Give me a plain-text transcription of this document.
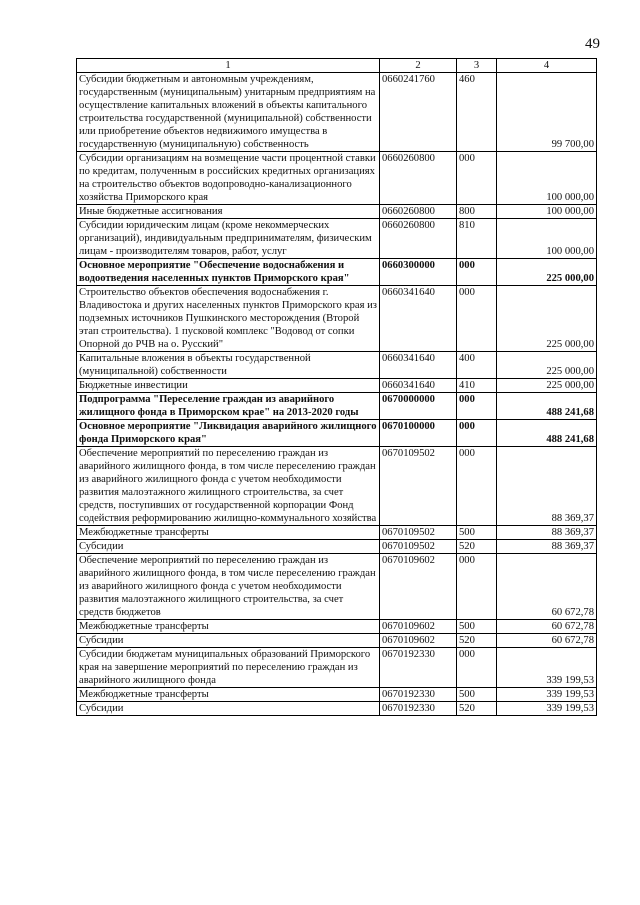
49
1	2	3	4
Субсидии бюджетным и автономным учреждениям, государственным (муниципальным) унитарным предприятиям на осуществление капитальных вложений в объекты капитального строительства государственной (муниципальной) собственности или приобретение объектов недвижимого имущества в государственную (муниципальную) собственность	0660241760	460	99 700,00
Субсидии организациям на возмещение части процентной ставки по кредитам, полученным в российских кредитных организациях на строительство объектов водопроводно-канализационного хозяйства Приморского края	0660260800	000	100 000,00
Иные бюджетные ассигнования	0660260800	800	100 000,00
Субсидии юридическим лицам (кроме некоммерческих организаций), индивидуальным предпринимателям, физическим лицам - производителям товаров, работ, услуг	0660260800	810	100 000,00
Основное мероприятие "Обеспечение водоснабжения и водоотведения населенных пунктов Приморского края"	0660300000	000	225 000,00
Строительство объектов обеспечения водоснабжения г. Владивостока и других населенных пунктов Приморского края из подземных источников Пушкинского месторождения (Второй этап строительства). 1 пусковой комплекс "Водовод от сопки Опорной до РЧВ на о. Русский"	0660341640	000	225 000,00
Капитальные вложения в объекты государственной (муниципальной) собственности	0660341640	400	225 000,00
Бюджетные инвестиции	0660341640	410	225 000,00
Подпрограмма "Переселение граждан из аварийного жилищного фонда в Приморском крае" на 2013-2020 годы	0670000000	000	488 241,68
Основное мероприятие "Ликвидация аварийного жилищного фонда Приморского края"	0670100000	000	488 241,68
Обеспечение мероприятий по переселению граждан из аварийного жилищного фонда, в том числе переселению граждан из аварийного жилищного фонда с учетом необходимости развития малоэтажного жилищного строительства, за счет средств, поступивших от государственной корпорации Фонд содействия реформированию жилищно-коммунального хозяйства	0670109502	000	88 369,37
Межбюджетные трансферты	0670109502	500	88 369,37
Субсидии	0670109502	520	88 369,37
Обеспечение мероприятий по переселению граждан из аварийного жилищного фонда, в том числе переселению граждан из аварийного жилищного фонда с учетом необходимости развития малоэтажного жилищного строительства, за счет средств бюджетов	0670109602	000	60 672,78
Межбюджетные трансферты	0670109602	500	60 672,78
Субсидии	0670109602	520	60 672,78
Субсидии бюджетам муниципальных образований Приморского края на завершение мероприятий по переселению граждан из аварийного жилищного фонда	0670192330	000	339 199,53
Межбюджетные трансферты	0670192330	500	339 199,53
Субсидии	0670192330	520	339 199,53
